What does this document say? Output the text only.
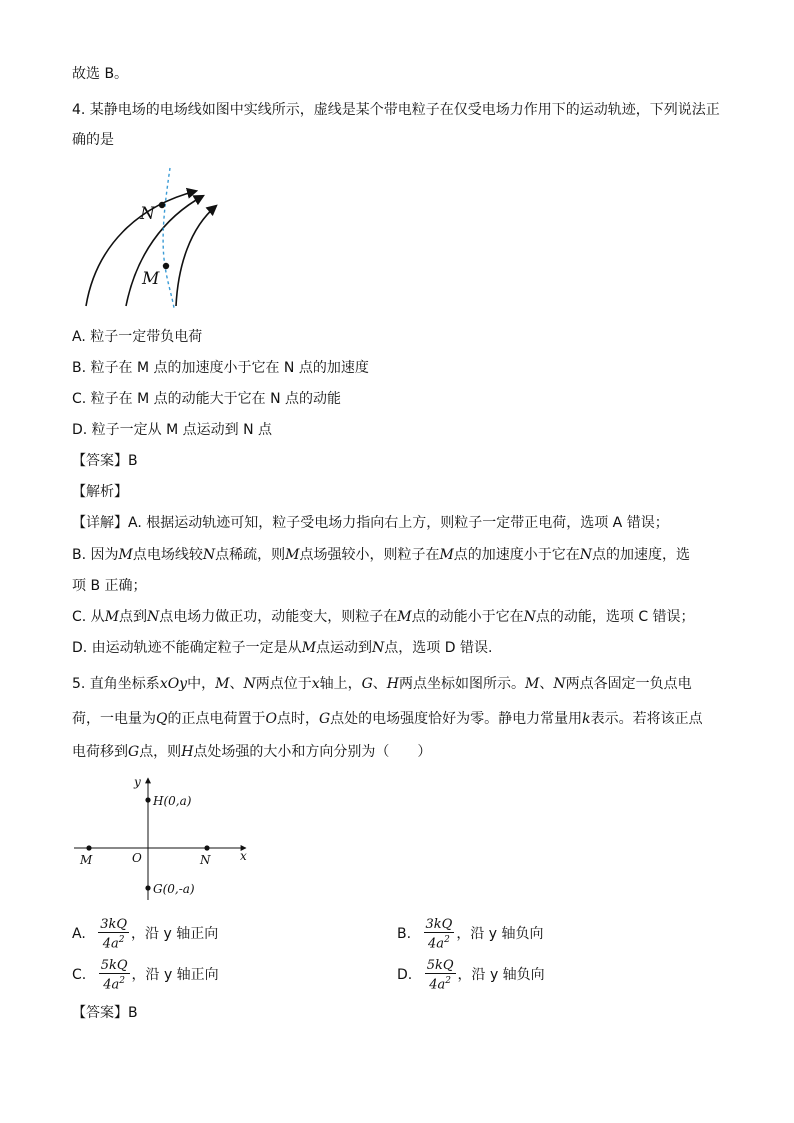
故选 B。
4. 某静电场的电场线如图中实线所示，虚线是某个带电粒子在仅受电场力作用下的运动轨迹，下列说法正
确的是
N
M
A. 粒子一定带负电荷
B. 粒子在 M 点的加速度小于它在 N 点的加速度
C. 粒子在 M 点的动能大于它在 N 点的动能
D. 粒子一定从 M 点运动到 N 点
【答案】B
【解析】
【详解】A. 根据运动轨迹可知，粒子受电场力指向右上方，则粒子一定带正电荷，选项 A 错误；
B. 因为M点电场线较N点稀疏，则M点场强较小，则粒子在M点的加速度小于它在N点的加速度，选
项 B 正确；
C. 从M点到N点电场力做正功，动能变大，则粒子在M点的动能小于它在N点的动能，选项 C 错误；
D. 由运动轨迹不能确定粒子一定是从M点运动到N点，选项 D 错误.
5. 直角坐标系xOy中，M、N两点位于x轴上，G、H两点坐标如图所示。M、N两点各固定一负点电
荷，一电量为Q的正点电荷置于O点时，G点处的电场强度恰好为零。静电力常量用k表示。若将该正点
电荷移到G点，则H点处场强的大小和方向分别为（　　）
y
x
H(0,a)
M	O	N
G(0,-a)
A. $\frac{3kQ}{4a^2}$ ，沿 y 轴正向	B. $\frac{3kQ}{4a^2}$ ，沿 y 轴负向
C. $\frac{5kQ}{4a^2}$ ，沿 y 轴正向	D. $\frac{5kQ}{4a^2}$ ，沿 y 轴负向
【答案】B
